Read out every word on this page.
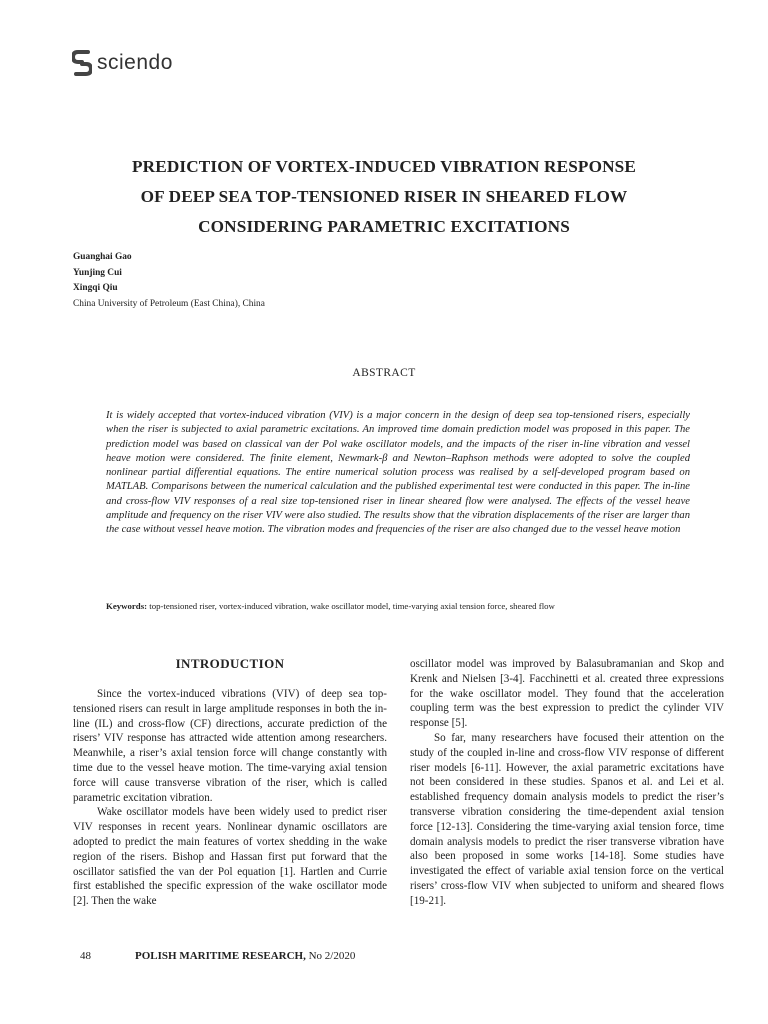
sciendo
PREDICTION OF VORTEX-INDUCED VIBRATION RESPONSE
OF DEEP SEA TOP-TENSIONED RISER IN SHEARED FLOW
CONSIDERING PARAMETRIC EXCITATIONS
Guanghai Gao
Yunjing Cui
Xingqi Qiu
China University of Petroleum (East China), China
ABSTRACT
It is widely accepted that vortex-induced vibration (VIV) is a major concern in the design of deep sea top-tensioned risers, especially when the riser is subjected to axial parametric excitations. An improved time domain prediction model was proposed in this paper. The prediction model was based on classical van der Pol wake oscillator models, and the impacts of the riser in-line vibration and vessel heave motion were considered. The finite element, Newmark-β and Newton–Raphson methods were adopted to solve the coupled nonlinear partial differential equations. The entire numerical solution process was realised by a self-developed program based on MATLAB. Comparisons between the numerical calculation and the published experimental test were conducted in this paper. The in-line and cross-flow VIV responses of a real size top-tensioned riser in linear sheared flow were analysed. The effects of the vessel heave amplitude and frequency on the riser VIV were also studied. The results show that the vibration displacements of the riser are larger than the case without vessel heave motion. The vibration modes and frequencies of the riser are also changed due to the vessel heave motion
Keywords: top-tensioned riser, vortex-induced vibration, wake oscillator model, time-varying axial tension force, sheared flow
INTRODUCTION

Since the vortex-induced vibrations (VIV) of deep sea top-tensioned risers can result in large amplitude responses in both the in-line (IL) and cross-flow (CF) directions, accurate prediction of the risers’ VIV response has attracted wide attention among researchers. Meanwhile, a riser’s axial tension force will change constantly with time due to the vessel heave motion. The time-varying axial tension force will cause transverse vibration of the riser, which is called parametric excitation vibration.

Wake oscillator models have been widely used to predict riser VIV responses in recent years. Nonlinear dynamic oscillators are adopted to predict the main features of vortex shedding in the wake region of the risers. Bishop and Hassan first put forward that the oscillator satisfied the van der Pol equation [1]. Hartlen and Currie first established the specific expression of the wake oscillator mode [2]. Then the wake

oscillator model was improved by Balasubramanian and Skop and Krenk and Nielsen [3-4]. Facchinetti et al. created three expressions for the wake oscillator model. They found that the acceleration coupling term was the best expression to predict the cylinder VIV response [5].

So far, many researchers have focused their attention on the study of the coupled in-line and cross-flow VIV response of different riser models [6-11]. However, the axial parametric excitations have not been considered in these studies. Spanos et al. and Lei et al. established frequency domain analysis models to predict the riser’s transverse vibration considering the time-dependent axial tension force [12-13]. Considering the time-varying axial tension force, time domain analysis models to predict the riser transverse vibration have also been proposed in some works [14-18]. Some studies have investigated the effect of variable axial tension force on the vertical risers’ cross-flow VIV when subjected to uniform and sheared flows [19-21].

48	POLISH MARITIME RESEARCH, No 2/2020
